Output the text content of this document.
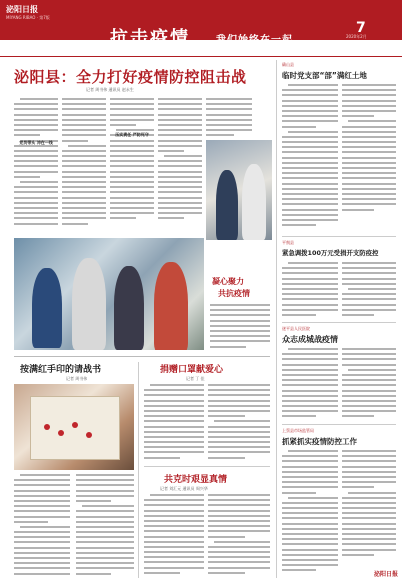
泌阳日报
MIYANG RIBAO · 第7版
抗击疫情	我们始终在一起
7
2020年2月
泌阳县：全力打好疫情防控阻击战
记者 周书伟 通讯员 赵永生
党员带头 冲在一线
压实责任 严防死守
凝心聚力
共抗疫情
按满红手印的请战书
记者 周书伟
捐赠口罩献爱心
记者 丁 佳
共克时艰显真情
记者 刘汇元 通讯员 周兴华
确山县
临时党支部“部”满红土地
平舆县
紧急调拨100万元受捐开支防疫控
遂平县人民医院
众志成城战疫情
上蔡县市场监管局
抓紧抓实疫情防控工作
泌阳日报
